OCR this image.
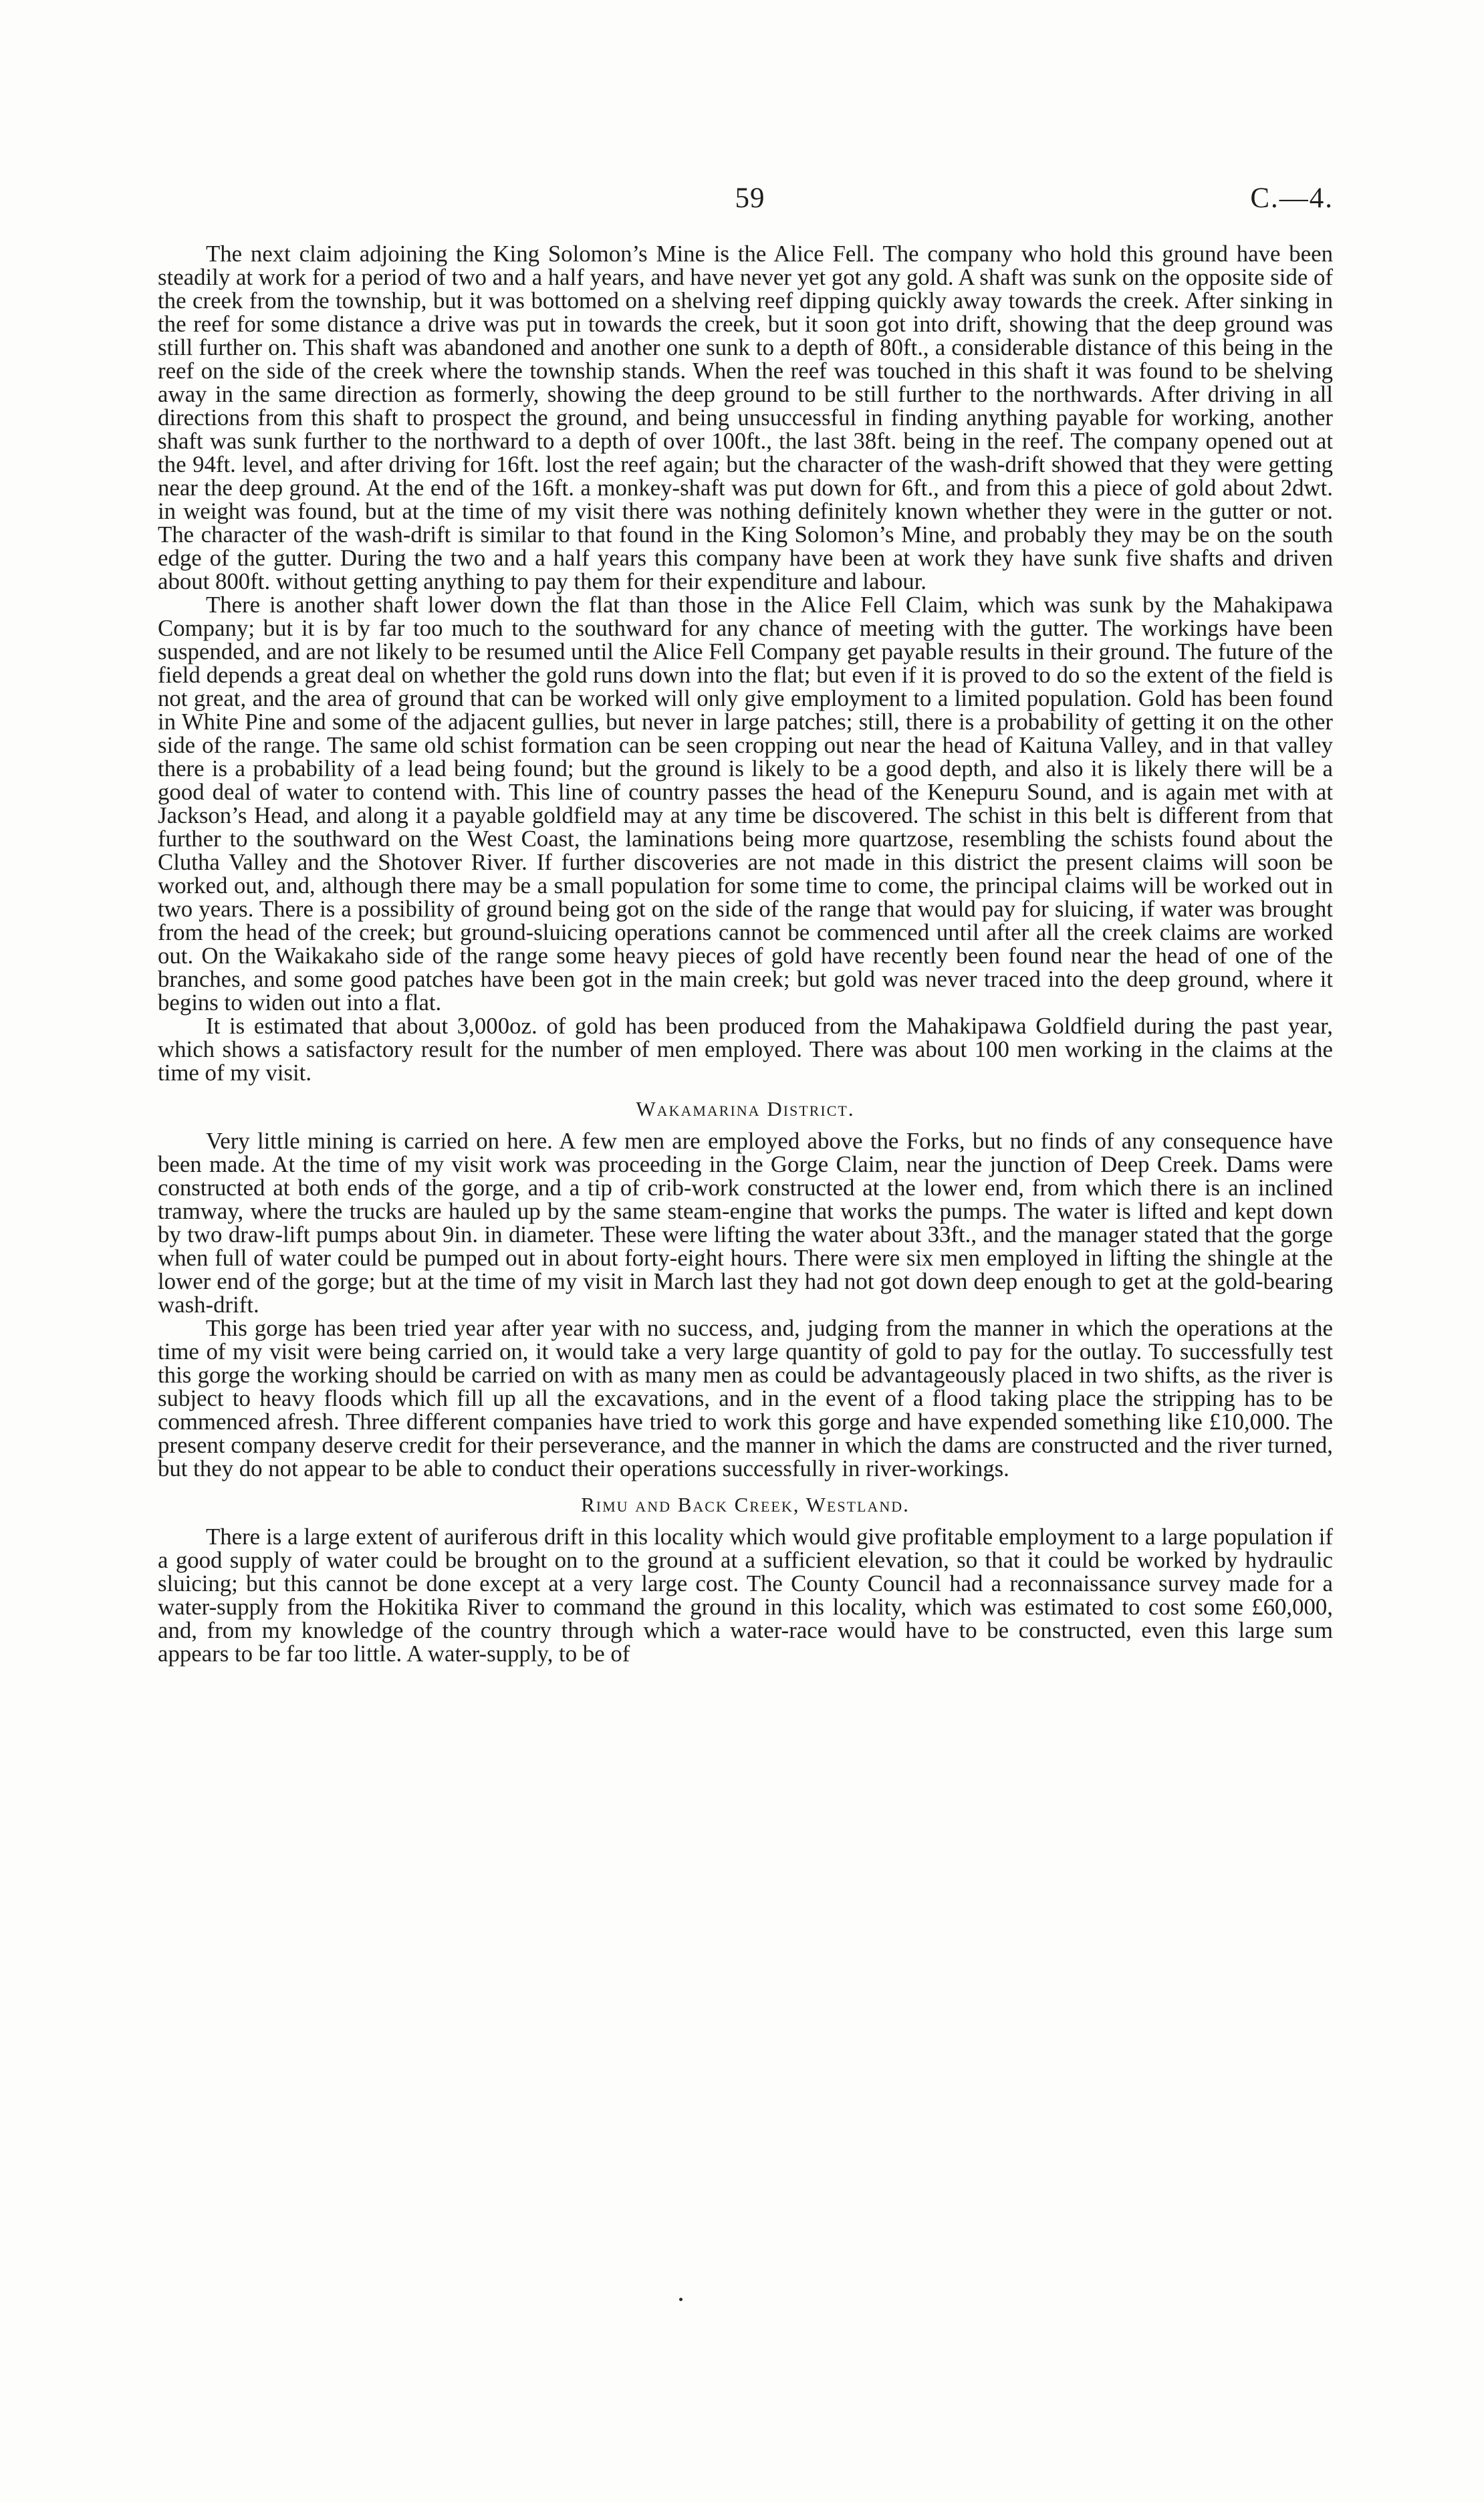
59	C.—4.

The next claim adjoining the King Solomon’s Mine is the Alice Fell. The company who hold this ground have been steadily at work for a period of two and a half years, and have never yet got any gold. A shaft was sunk on the opposite side of the creek from the township, but it was bottomed on a shelving reef dipping quickly away towards the creek. After sinking in the reef for some distance a drive was put in towards the creek, but it soon got into drift, showing that the deep ground was still further on. This shaft was abandoned and another one sunk to a depth of 80ft., a considerable distance of this being in the reef on the side of the creek where the township stands. When the reef was touched in this shaft it was found to be shelving away in the same direction as formerly, showing the deep ground to be still further to the northwards. After driving in all directions from this shaft to prospect the ground, and being unsuccessful in finding anything payable for working, another shaft was sunk further to the northward to a depth of over 100ft., the last 38ft. being in the reef. The company opened out at the 94ft. level, and after driving for 16ft. lost the reef again; but the character of the wash-drift showed that they were getting near the deep ground. At the end of the 16ft. a monkey-shaft was put down for 6ft., and from this a piece of gold about 2dwt. in weight was found, but at the time of my visit there was nothing definitely known whether they were in the gutter or not. The character of the wash-drift is similar to that found in the King Solomon’s Mine, and probably they may be on the south edge of the gutter. During the two and a half years this company have been at work they have sunk five shafts and driven about 800ft. without getting anything to pay them for their expenditure and labour.

There is another shaft lower down the flat than those in the Alice Fell Claim, which was sunk by the Mahakipawa Company; but it is by far too much to the southward for any chance of meeting with the gutter. The workings have been suspended, and are not likely to be resumed until the Alice Fell Company get payable results in their ground. The future of the field depends a great deal on whether the gold runs down into the flat; but even if it is proved to do so the extent of the field is not great, and the area of ground that can be worked will only give employment to a limited population. Gold has been found in White Pine and some of the adjacent gullies, but never in large patches; still, there is a probability of getting it on the other side of the range. The same old schist formation can be seen cropping out near the head of Kaituna Valley, and in that valley there is a probability of a lead being found; but the ground is likely to be a good depth, and also it is likely there will be a good deal of water to contend with. This line of country passes the head of the Kenepuru Sound, and is again met with at Jackson’s Head, and along it a payable goldfield may at any time be discovered. The schist in this belt is different from that further to the southward on the West Coast, the laminations being more quartzose, resembling the schists found about the Clutha Valley and the Shotover River. If further discoveries are not made in this district the present claims will soon be worked out, and, although there may be a small population for some time to come, the principal claims will be worked out in two years. There is a possibility of ground being got on the side of the range that would pay for sluicing, if water was brought from the head of the creek; but ground-sluicing operations cannot be commenced until after all the creek claims are worked out. On the Waikakaho side of the range some heavy pieces of gold have recently been found near the head of one of the branches, and some good patches have been got in the main creek; but gold was never traced into the deep ground, where it begins to widen out into a flat.

It is estimated that about 3,000oz. of gold has been produced from the Mahakipawa Goldfield during the past year, which shows a satisfactory result for the number of men employed. There was about 100 men working in the claims at the time of my visit.

Wakamarina District.

Very little mining is carried on here. A few men are employed above the Forks, but no finds of any consequence have been made. At the time of my visit work was proceeding in the Gorge Claim, near the junction of Deep Creek. Dams were constructed at both ends of the gorge, and a tip of crib-work constructed at the lower end, from which there is an inclined tramway, where the trucks are hauled up by the same steam-engine that works the pumps. The water is lifted and kept down by two draw-lift pumps about 9in. in diameter. These were lifting the water about 33ft., and the manager stated that the gorge when full of water could be pumped out in about forty-eight hours. There were six men employed in lifting the shingle at the lower end of the gorge; but at the time of my visit in March last they had not got down deep enough to get at the gold-bearing wash-drift.

This gorge has been tried year after year with no success, and, judging from the manner in which the operations at the time of my visit were being carried on, it would take a very large quantity of gold to pay for the outlay. To successfully test this gorge the working should be carried on with as many men as could be advantageously placed in two shifts, as the river is subject to heavy floods which fill up all the excavations, and in the event of a flood taking place the stripping has to be commenced afresh. Three different companies have tried to work this gorge and have expended something like £10,000. The present company deserve credit for their perseverance, and the manner in which the dams are constructed and the river turned, but they do not appear to be able to conduct their operations successfully in river-workings.

Rimu and Back Creek, Westland.

There is a large extent of auriferous drift in this locality which would give profitable employment to a large population if a good supply of water could be brought on to the ground at a sufficient elevation, so that it could be worked by hydraulic sluicing; but this cannot be done except at a very large cost. The County Council had a reconnaissance survey made for a water-supply from the Hokitika River to command the ground in this locality, which was estimated to cost some £60,000, and, from my knowledge of the country through which a water-race would have to be constructed, even this large sum appears to be far too little. A water-supply, to be of
